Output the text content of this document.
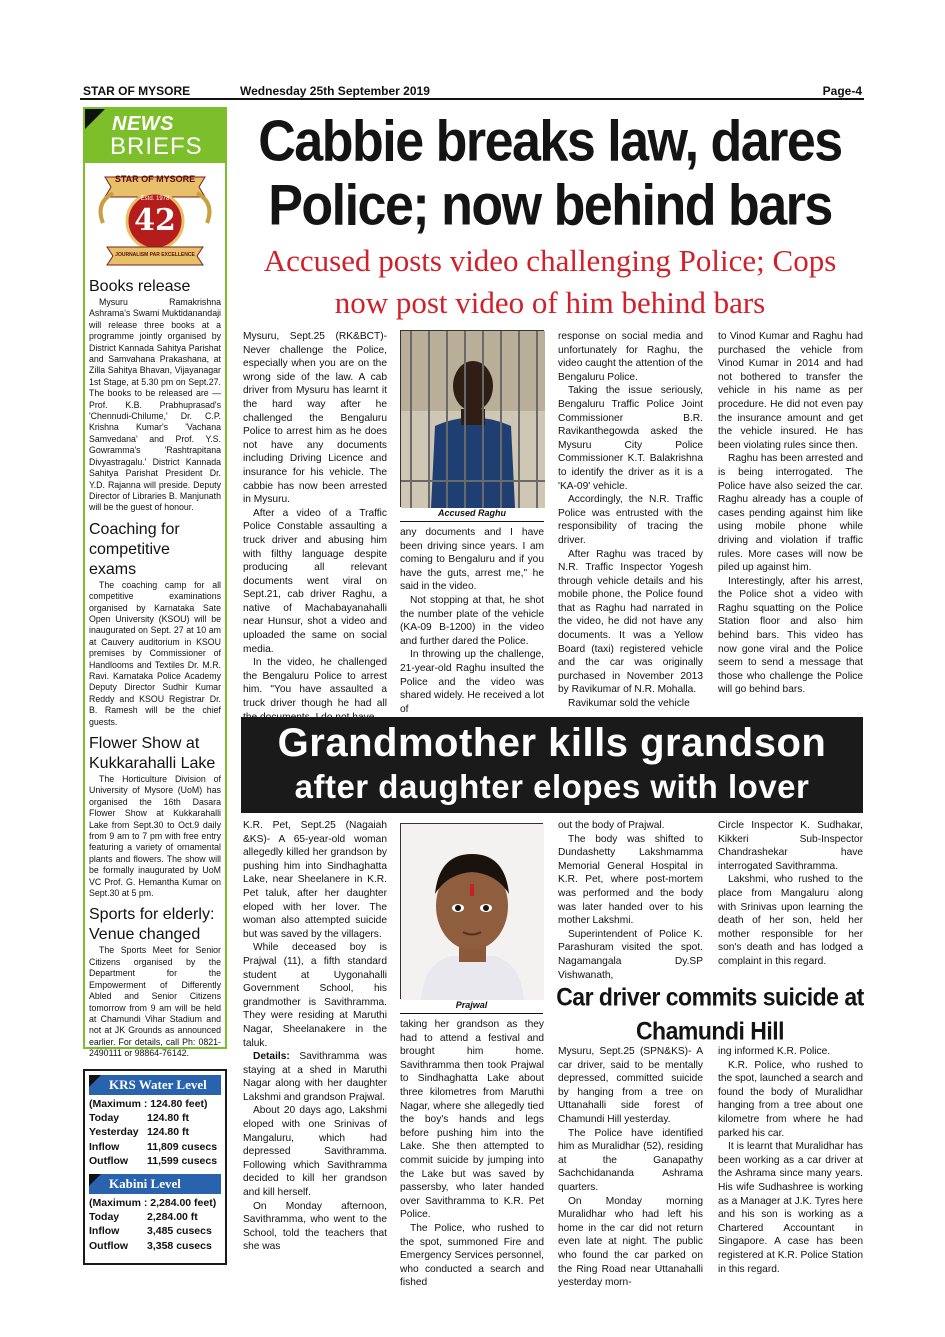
STAR OF MYSORE	Wednesday 25th September 2019	Page-4
NEWS
BRIEFS
STAR OF MYSORE
Estd. 1978
42
JOURNALISM PAR EXCELLENCE
Books release
Mysuru Ramakrishna Ashrama's Swami Muktidanandaji will release three books at a programme jointly organised by District Kannada Sahitya Parishat and Samvahana Prakashana, at Zilla Sahitya Bhavan, Vijayanagar 1st Stage, at 5.30 pm on Sept.27. The books to be released are — Prof. K.B. Prabhuprasad's 'Chennudi-Chilume,' Dr. C.P. Krishna Kumar's 'Vachana Samvedana' and Prof. Y.S. Gowramma's 'Rashtrapitana Divyastragalu.' District Kannada Sahitya Parishat President Dr. Y.D. Rajanna will preside. Deputy Director of Libraries B. Manjunath will be the guest of honour.
Coaching for competitive exams
The coaching camp for all competitive examinations organised by Karnataka Sate Open University (KSOU) will be inaugurated on Sept. 27 at 10 am at Cauvery auditorium in KSOU premises by Commissioner of Handlooms and Textiles Dr. M.R. Ravi. Karnataka Police Academy Deputy Director Sudhir Kumar Reddy and KSOU Registrar Dr. B. Ramesh will be the chief guests.
Flower Show at Kukkarahalli Lake
The Horticulture Division of University of Mysore (UoM) has organised the 16th Dasara Flower Show at Kukkarahalli Lake from Sept.30 to Oct.9 daily from 9 am to 7 pm with free entry featuring a variety of ornamental plants and flowers. The show will be formally inaugurated by UoM VC Prof. G. Hemantha Kumar on Sept.30 at 5 pm.
Sports for elderly: Venue changed
The Sports Meet for Senior Citizens organised by the Department for the Empowerment of Differently Abled and Senior Citizens tomorrow from 9 am will be held at Chamundi Vihar Stadium and not at JK Grounds as announced earlier. For details, call Ph: 0821-2490111 or 98864-76142.
KRS Water Level
(Maximum : 124.80 feet)
Today	124.80 ft
Yesterday 124.80 ft
Inflow	11,809 cusecs
Outflow	11,599 cusecs
Kabini Level
(Maximum : 2,284.00 feet)
Today	2,284.00 ft
Inflow	3,485 cusecs
Outflow	3,358 cusecs
Cabbie breaks law, dares Police; now behind bars
Accused posts video challenging Police; Cops now post video of him behind bars

Mysuru, Sept.25 (RK&BCT)- Never challenge the Police, especially when you are on the wrong side of the law. A cab driver from Mysuru has learnt it the hard way after he challenged the Bengaluru Police to arrest him as he does not have any documents including Driving Licence and insurance for his vehicle. The cabbie has now been arrested in Mysuru.

After a video of a Traffic Police Constable assaulting a truck driver and abusing him with filthy language despite producing all relevant documents went viral on Sept.21, cab driver Raghu, a native of Machabayanahalli near Hunsur, shot a video and uploaded the same on social media.

In the video, he challenged the Bengaluru Police to arrest him. "You have assaulted a truck driver though he had all

Accused Raghu

any documents and I have been driving since years. I am coming to Bengaluru and if you have the guts, arrest me," he said in the video.

Not stopping at that, he shot the number plate of the vehicle (KA-09 B-1200) in the video and further dared the Police.

In throwing up the challenge, 21-year-old Raghu insulted the Police and the video was shared widely. He received a lot of

response on social media and unfortunately for Raghu, the video caught the attention of the Bengaluru Police.

Taking the issue seriously, Bengaluru Traffic Police Joint Commissioner B.R. Ravikanthegowda asked the Mysuru City Police Commissioner K.T. Balakrishna to identify the driver as it is a 'KA-09' vehicle.

Accordingly, the N.R. Traffic Police was entrusted with the responsibility of tracing the driver.

After Raghu was traced by N.R. Traffic Inspector Yogesh through vehicle details and his mobile phone, the Police found that as Raghu had narrated in the video, he did not have any documents. It was a Yellow Board (taxi) registered vehicle and the car was originally purchased in November 2013 by Ravikumar of N.R. Mohalla.

Ravikumar sold the vehicle

to Vinod Kumar and Raghu had purchased the vehicle from Vinod Kumar in 2014 and had not bothered to transfer the vehicle in his name as per procedure. He did not even pay the insurance amount and get the vehicle insured. He has been violating rules since then.

Raghu has been arrested and is being interrogated. The Police have also seized the car. Raghu already has a couple of cases pending against him like using mobile phone while driving and violation if traffic rules. More cases will now be piled up against him.

Interestingly, after his arrest, the Police shot a video with Raghu squatting on the Police Station floor and also him behind bars. This video has now gone viral and the Police seem to send a message that those who challenge the Police will go behind bars.

Grandmother kills grandson
after daughter elopes with lover

K.R. Pet, Sept.25 (Nagaiah &KS)- A 65-year-old woman allegedly killed her grandson by pushing him into Sindhaghatta Lake, near Sheelanere in K.R. Pet taluk, after her daughter eloped with her lover. The woman also attempted suicide but was saved by the villagers.

While deceased boy is Prajwal (11), a fifth standard student at Uygonahalli Government School, his grandmother is Savithramma. They were residing at Maruthi Nagar, Sheelanakere in the taluk.

Details: Savithramma was staying at a shed in Maruthi Nagar along with her daughter Lakshmi and grandson Prajwal.

About 20 days ago, Lakshmi eloped with one Srinivas of Mangaluru, which had depressed Savithramma. Following which Savithramma decided to kill her grandson and kill herself.

On Monday afternoon, Savithramma, who went to the School, told the teachers that she was

Prajwal

taking her grandson as they had to attend a festival and brought him home. Savithramma then took Prajwal to Sindhaghatta Lake about three kilometres from Maruthi Nagar, where she allegedly tied the boy's hands and legs before pushing him into the Lake. She then attempted to commit suicide by jumping into the Lake but was saved by passersby, who later handed over Savithramma to K.R. Pet Police.

The Police, who rushed to the spot, summoned Fire and Emergency Services personnel, who conducted a search and fished

out the body of Prajwal.

The body was shifted to Dundashetty Lakshmamma Memorial General Hospital in K.R. Pet, where post-mortem was performed and the body was later handed over to his mother Lakshmi.

Superintendent of Police K. Parashuram visited the spot. Nagamangala Dy.SP Vishwanath,

Circle Inspector K. Sudhakar, Kikkeri Sub-Inspector Chandrashekar have interrogated Savithramma.

Lakshmi, who rushed to the place from Mangaluru along with Srinivas upon learning the death of her son, held her mother responsible for her son's death and has lodged a complaint in this regard.

Car driver commits suicide at Chamundi Hill

Mysuru, Sept.25 (SPN&KS)- A car driver, said to be mentally depressed, committed suicide by hanging from a tree on Uttanahalli side forest of Chamundi Hill yesterday.

The Police have identified him as Muralidhar (52), residing at the Ganapathy Sachchidananda Ashrama quarters.

On Monday morning Muralidhar who had left his home in the car did not return even late at night. The public who found the car parked on the Ring Road near Uttanahalli yesterday morn-

ing informed K.R. Police.

K.R. Police, who rushed to the spot, launched a search and found the body of Muralidhar hanging from a tree about one kilometre from where he had parked his car.

It is learnt that Muralidhar has been working as a car driver at the Ashrama since many years. His wife Sudhashree is working as a Manager at J.K. Tyres here and his son is working as a Chartered Accountant in Singapore. A case has been registered at K.R. Police Station in this regard.
